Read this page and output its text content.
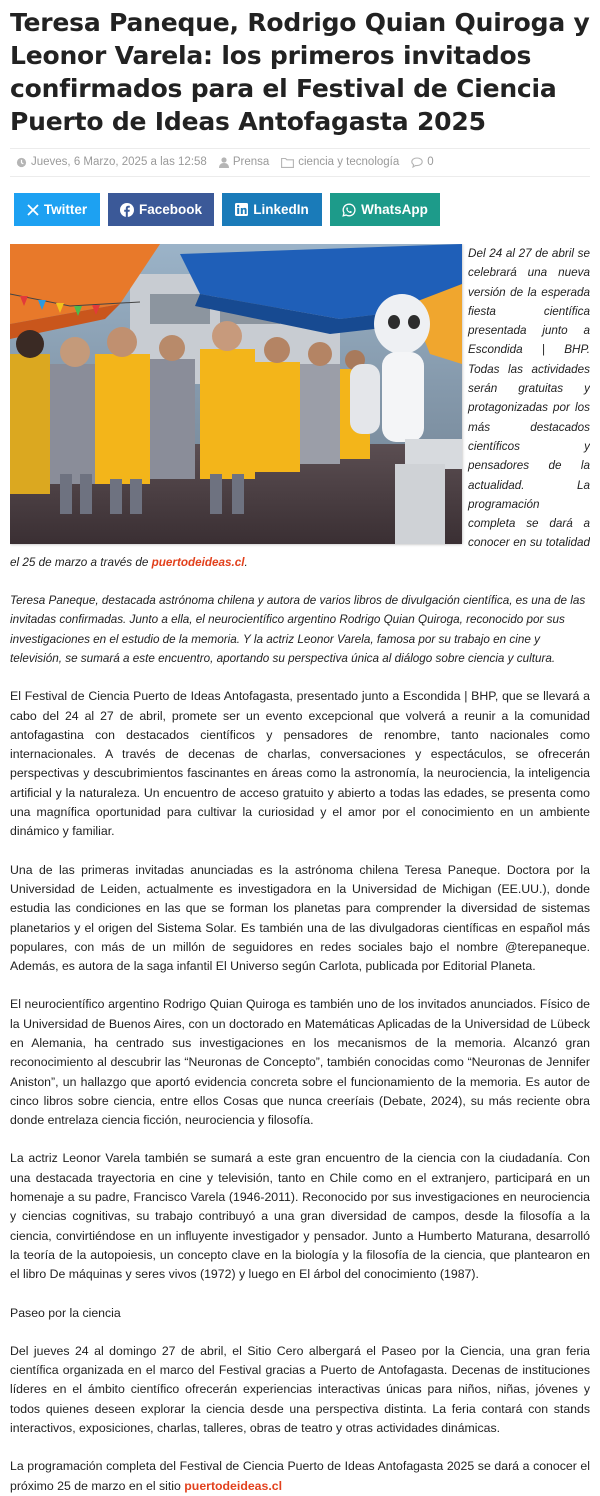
Teresa Paneque, Rodrigo Quian Quiroga y Leonor Varela: los primeros invitados confirmados para el Festival de Ciencia Puerto de Ideas Antofagasta 2025
Jueves, 6 Marzo, 2025 a las 12:58 Prensa	ciencia y tecnología 0
Twitter	Facebook	LinkedIn	WhatsApp

Del 24 al 27 de abril se celebrará una nueva versión de la esperada fiesta científica presentada junto a Escondida | BHP. Todas las actividades serán gratuitas y protagonizadas por los más destacados científicos y pensadores de la actualidad. La programación completa se dará a conocer en su totalidad el 25 de marzo a través de puertodeideas.cl.

Teresa Paneque, destacada astrónoma chilena y autora de varios libros de divulgación científica, es una de las invitadas confirmadas. Junto a ella, el neurocientífico argentino Rodrigo Quian Quiroga, reconocido por sus investigaciones en el estudio de la memoria. Y la actriz Leonor Varela, famosa por su trabajo en cine y televisión, se sumará a este encuentro, aportando su perspectiva única al diálogo sobre ciencia y cultura.

El Festival de Ciencia Puerto de Ideas Antofagasta, presentado junto a Escondida | BHP, que se llevará a cabo del 24 al 27 de abril, promete ser un evento excepcional que volverá a reunir a la comunidad antofagastina con destacados científicos y pensadores de renombre, tanto nacionales como internacionales. A través de decenas de charlas, conversaciones y espectáculos, se ofrecerán perspectivas y descubrimientos fascinantes en áreas como la astronomía, la neurociencia, la inteligencia artificial y la naturaleza. Un encuentro de acceso gratuito y abierto a todas las edades, se presenta como una magnífica oportunidad para cultivar la curiosidad y el amor por el conocimiento en un ambiente dinámico y familiar.

Una de las primeras invitadas anunciadas es la astrónoma chilena Teresa Paneque. Doctora por la Universidad de Leiden, actualmente es investigadora en la Universidad de Michigan (EE.UU.), donde estudia las condiciones en las que se forman los planetas para comprender la diversidad de sistemas planetarios y el origen del Sistema Solar. Es también una de las divulgadoras científicas en español más populares, con más de un millón de seguidores en redes sociales bajo el nombre @terepaneque. Además, es autora de la saga infantil El Universo según Carlota, publicada por Editorial Planeta.

El neurocientífico argentino Rodrigo Quian Quiroga es también uno de los invitados anunciados. Físico de la Universidad de Buenos Aires, con un doctorado en Matemáticas Aplicadas de la Universidad de Lübeck en Alemania, ha centrado sus investigaciones en los mecanismos de la memoria. Alcanzó gran reconocimiento al descubrir las “Neuronas de Concepto”, también conocidas como “Neuronas de Jennifer Aniston”, un hallazgo que aportó evidencia concreta sobre el funcionamiento de la memoria. Es autor de cinco libros sobre ciencia, entre ellos Cosas que nunca creeríais (Debate, 2024), su más reciente obra donde entrelaza ciencia ficción, neurociencia y filosofía.

La actriz Leonor Varela también se sumará a este gran encuentro de la ciencia con la ciudadanía. Con una destacada trayectoria en cine y televisión, tanto en Chile como en el extranjero, participará en un homenaje a su padre, Francisco Varela (1946-2011). Reconocido por sus investigaciones en neurociencia y ciencias cognitivas, su trabajo contribuyó a una gran diversidad de campos, desde la filosofía a la ciencia, convirtiéndose en un influyente investigador y pensador. Junto a Humberto Maturana, desarrolló la teoría de la autopoiesis, un concepto clave en la biología y la filosofía de la ciencia, que plantearon en el libro De máquinas y seres vivos (1972) y luego en El árbol del conocimiento (1987).

Paseo por la ciencia

Del jueves 24 al domingo 27 de abril, el Sitio Cero albergará el Paseo por la Ciencia, una gran feria científica organizada en el marco del Festival gracias a Puerto de Antofagasta. Decenas de instituciones líderes en el ámbito científico ofrecerán experiencias interactivas únicas para niños, niñas, jóvenes y todos quienes deseen explorar la ciencia desde una perspectiva distinta. La feria contará con stands interactivos, exposiciones, charlas, talleres, obras de teatro y otras actividades dinámicas.

La programación completa del Festival de Ciencia Puerto de Ideas Antofagasta 2025 se dará a conocer el próximo 25 de marzo en el sitio puertodeideas.cl
